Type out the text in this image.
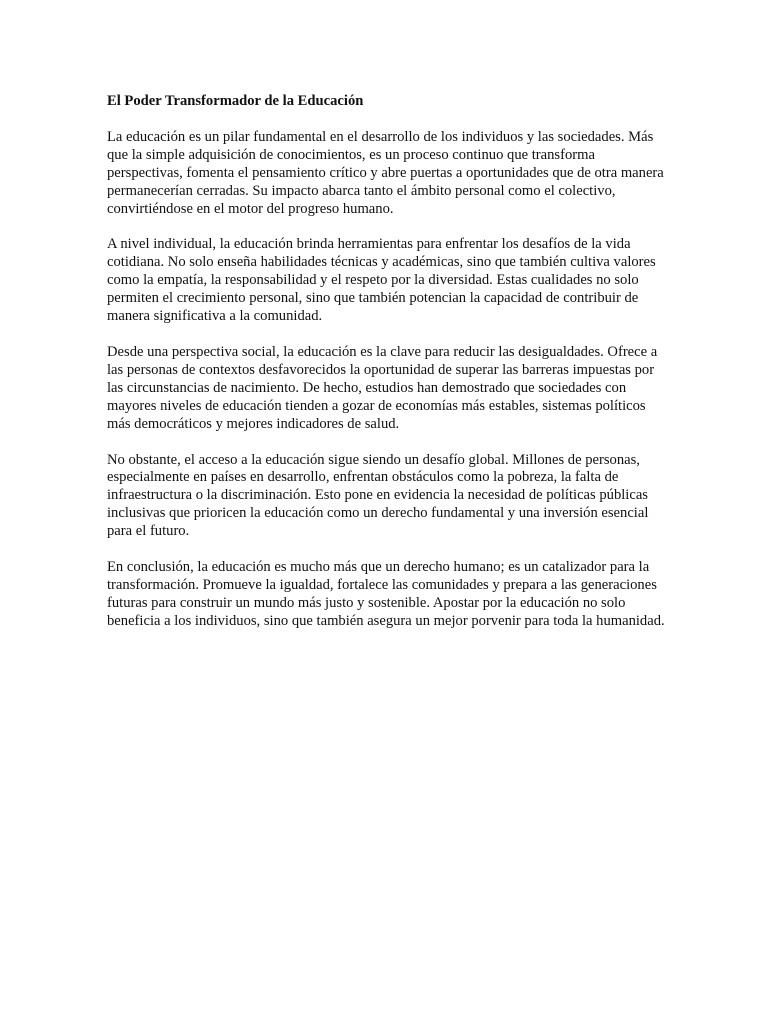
El Poder Transformador de la Educación

La educación es un pilar fundamental en el desarrollo de los individuos y las sociedades. Más que la simple adquisición de conocimientos, es un proceso continuo que transforma perspectivas, fomenta el pensamiento crítico y abre puertas a oportunidades que de otra manera permanecerían cerradas. Su impacto abarca tanto el ámbito personal como el colectivo, convirtiéndose en el motor del progreso humano.

A nivel individual, la educación brinda herramientas para enfrentar los desafíos de la vida cotidiana. No solo enseña habilidades técnicas y académicas, sino que también cultiva valores como la empatía, la responsabilidad y el respeto por la diversidad. Estas cualidades no solo permiten el crecimiento personal, sino que también potencian la capacidad de contribuir de manera significativa a la comunidad.

Desde una perspectiva social, la educación es la clave para reducir las desigualdades. Ofrece a las personas de contextos desfavorecidos la oportunidad de superar las barreras impuestas por las circunstancias de nacimiento. De hecho, estudios han demostrado que sociedades con mayores niveles de educación tienden a gozar de economías más estables, sistemas políticos más democráticos y mejores indicadores de salud.

No obstante, el acceso a la educación sigue siendo un desafío global. Millones de personas, especialmente en países en desarrollo, enfrentan obstáculos como la pobreza, la falta de infraestructura o la discriminación. Esto pone en evidencia la necesidad de políticas públicas inclusivas que prioricen la educación como un derecho fundamental y una inversión esencial para el futuro.

En conclusión, la educación es mucho más que un derecho humano; es un catalizador para la transformación. Promueve la igualdad, fortalece las comunidades y prepara a las generaciones futuras para construir un mundo más justo y sostenible. Apostar por la educación no solo beneficia a los individuos, sino que también asegura un mejor porvenir para toda la humanidad.
